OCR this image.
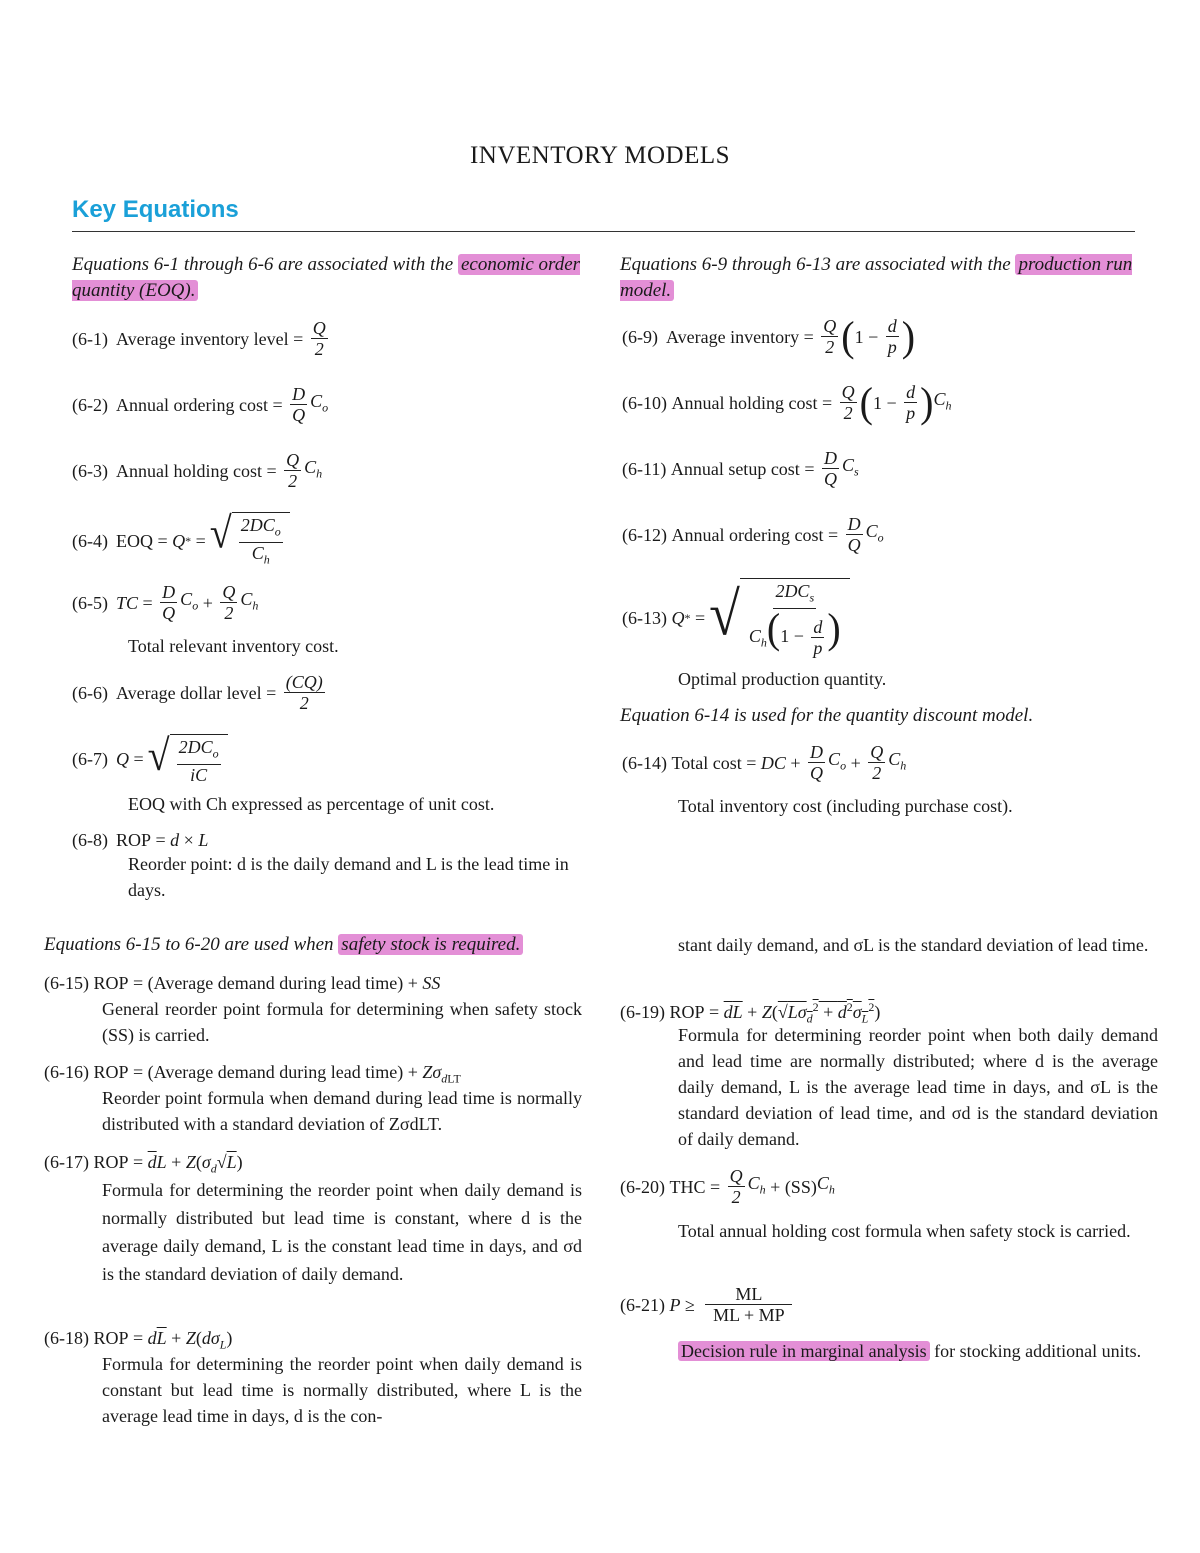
INVENTORY MODELS
Key Equations
Equations 6-1 through 6-6 are associated with the economic order quantity (EOQ).
(6-1) Average inventory level = $\frac{Q}{2}$
(6-2) Annual ordering $\cos t = \frac{D}{Q} C_o$
(6-3) Annual holding $\cos t = \frac{Q}{2} C_h$
(6-4) EOQ = Q * = √ $\frac{2DC_o}{C_h}$
(6-5) TC = $\frac{D}{Q} C_o + \frac{Q}{2} C_h$
Total relevant inventory cost.
(6-6) Average dollar level = $\frac{(CQ)}{2}$
(6-7) Q = √ $\frac{2DC_o}{iC}$
EOQ with Ch expressed as percentage of unit cost.
(6-8) ROP = d × L
Reorder point: d is the daily demand and L is the lead time in days.
Equations 6-9 through 6-13 are associated with the production run model.
(6-9) Average inventory = $\frac{Q}{2}$ ( $1 - \frac{d}{p}$ )
(6-10)
Annual holding $\cos t = \frac{Q}{2}$ ( $1 - \frac{d}{p}$ ) $C_h$
(6-11)
Annual setup $\cos t = \frac{D}{Q} C_s$
(6-12)
Annual ordering $\cos t = \frac{D}{Q} C_o$
(6-13)
Q * = √ $\frac{2DC_s}{C_h(1 - \frac{d}{p} )}$
Optimal production quantity.
Equation 6-14 is used for the quantity discount model.
(6-14)
Total cost = DC + $\frac{D}{Q} C_o + \frac{Q}{2} C_h$
Total inventory cost (including purchase cost).
Equations 6-15 to 6-20 are used when safety stock is required.
(6-15) ROP = (Average demand during lead time) + SS
General reorder point formula for determining when safety stock (SS) is carried.
(6-16) ROP = (Average demand during lead time) + $Z\sigma_{dLT}$
Reorder point formula when demand during lead time is normally distributed with a standard deviation of ZσdLT.
(6-17) ROP = $\overline{d}L + Z(\sigma_d√L)$
Formula for determining the reorder point when daily demand is normally distributed but lead time is constant, where d is the average daily demand, L is the constant lead time in days, and σd is the standard deviation of daily demand.
(6-18) ROP = $d\overline{L} + Z(d\sigma_L)$
Formula for determining the reorder point when daily demand is constant but lead time is normally distributed, where L is the average lead time in days, d is the con-
stant daily demand, and σL is the standard deviation of lead time.
(6-19) ROP = $\overline{d}\overline{L} + Z(√L\sigma_d^2 + d^2\sigma_L^2)$
Formula for determining reorder point when both daily demand and lead time are normally distributed; where d is the average daily demand, L is the average lead time in days, and σL is the standard deviation of lead time, and σd is the standard deviation of daily demand.
(6-20)
THC = $\frac{Q}{2} C_h + (SS)$ $C_h$
Total annual holding cost formula when safety stock is carried.
(6-21)
$P \ge \frac{ML}{ML + MP}$
Decision rule in marginal analysis for stocking additional units.
